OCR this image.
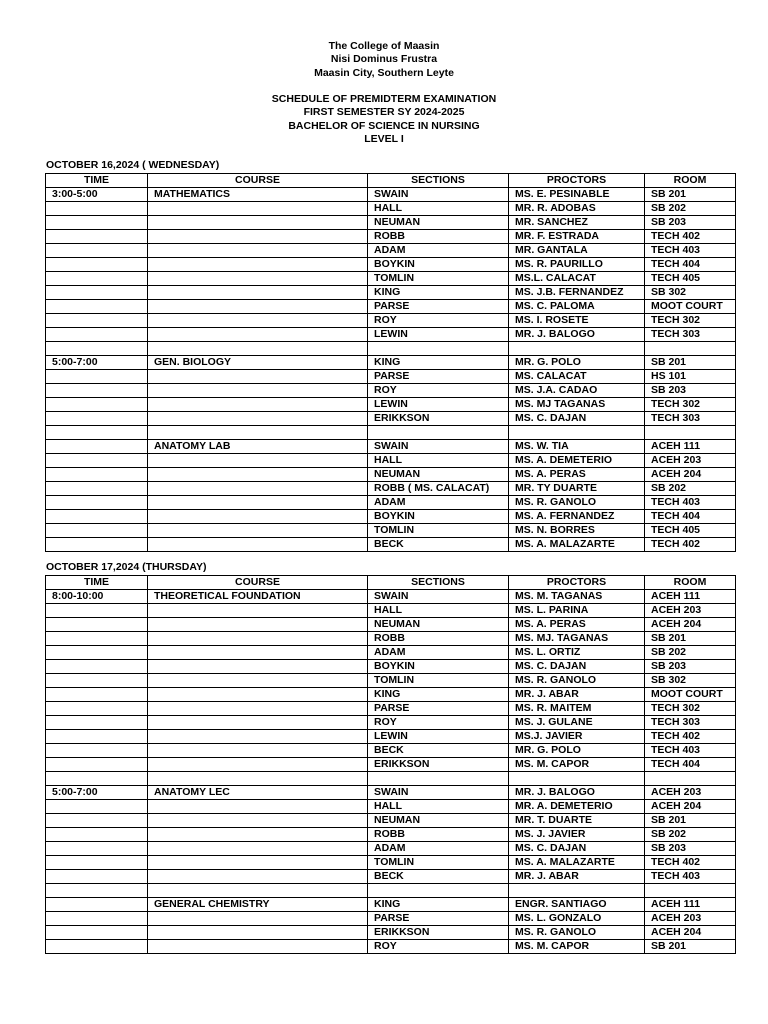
The College of Maasin
Nisi Dominus Frustra
Maasin City, Southern Leyte
SCHEDULE OF PREMIDTERM EXAMINATION
FIRST SEMESTER SY 2024-2025
BACHELOR OF SCIENCE IN NURSING
LEVEL I
OCTOBER 16,2024 ( WEDNESDAY)
TIME	COURSE	SECTIONS	PROCTORS	ROOM
3:00-5:00	MATHEMATICS	SWAIN	MS. E. PESINABLE	SB 201
		HALL	MR. R. ADOBAS	SB 202
		NEUMAN	MR. SANCHEZ	SB 203
		ROBB	MR. F. ESTRADA	TECH 402
		ADAM	MR. GANTALA	TECH 403
		BOYKIN	MS. R. PAURILLO	TECH 404
		TOMLIN	MS.L. CALACAT	TECH 405
		KING	MS. J.B. FERNANDEZ	SB 302
		PARSE	MS. C. PALOMA	MOOT COURT
		ROY	MS. I. ROSETE	TECH 302
		LEWIN	MR. J. BALOGO	TECH 303

5:00-7:00	GEN. BIOLOGY	KING	MR. G. POLO	SB 201
		PARSE	MS. CALACAT	HS 101
		ROY	MS. J.A. CADAO	SB 203
		LEWIN	MS. MJ TAGANAS	TECH 302
		ERIKKSON	MS. C. DAJAN	TECH 303

	ANATOMY LAB	SWAIN	MS. W. TIA	ACEH 111
		HALL	MS. A. DEMETERIO	ACEH 203
		NEUMAN	MS. A. PERAS	ACEH 204
		ROBB ( MS. CALACAT)	MR. TY DUARTE	SB 202
		ADAM	MS. R. GANOLO	TECH 403
		BOYKIN	MS. A. FERNANDEZ	TECH 404
		TOMLIN	MS. N. BORRES	TECH 405
		BECK	MS. A. MALAZARTE	TECH 402
OCTOBER 17,2024 (THURSDAY)
TIME	COURSE	SECTIONS	PROCTORS	ROOM
8:00-10:00	THEORETICAL FOUNDATION	SWAIN	MS. M. TAGANAS	ACEH 111
		HALL	MS. L. PARINA	ACEH 203
		NEUMAN	MS. A. PERAS	ACEH 204
		ROBB	MS. MJ. TAGANAS	SB 201
		ADAM	MS. L. ORTIZ	SB 202
		BOYKIN	MS. C. DAJAN	SB 203
		TOMLIN	MS. R. GANOLO	SB 302
		KING	MR. J. ABAR	MOOT COURT
		PARSE	MS. R. MAITEM	TECH 302
		ROY	MS. J. GULANE	TECH 303
		LEWIN	MS.J. JAVIER	TECH 402
		BECK	MR. G. POLO	TECH 403
		ERIKKSON	MS. M. CAPOR	TECH 404

5:00-7:00	ANATOMY LEC	SWAIN	MR. J. BALOGO	ACEH 203
		HALL	MR. A. DEMETERIO	ACEH 204
		NEUMAN	MR. T. DUARTE	SB 201
		ROBB	MS. J. JAVIER	SB 202
		ADAM	MS. C. DAJAN	SB 203
		TOMLIN	MS. A. MALAZARTE	TECH 402
		BECK	MR. J. ABAR	TECH 403

	GENERAL CHEMISTRY	KING	ENGR. SANTIAGO	ACEH 111
		PARSE	MS. L. GONZALO	ACEH 203
		ERIKKSON	MS. R. GANOLO	ACEH 204
		ROY	MS. M. CAPOR	SB 201
